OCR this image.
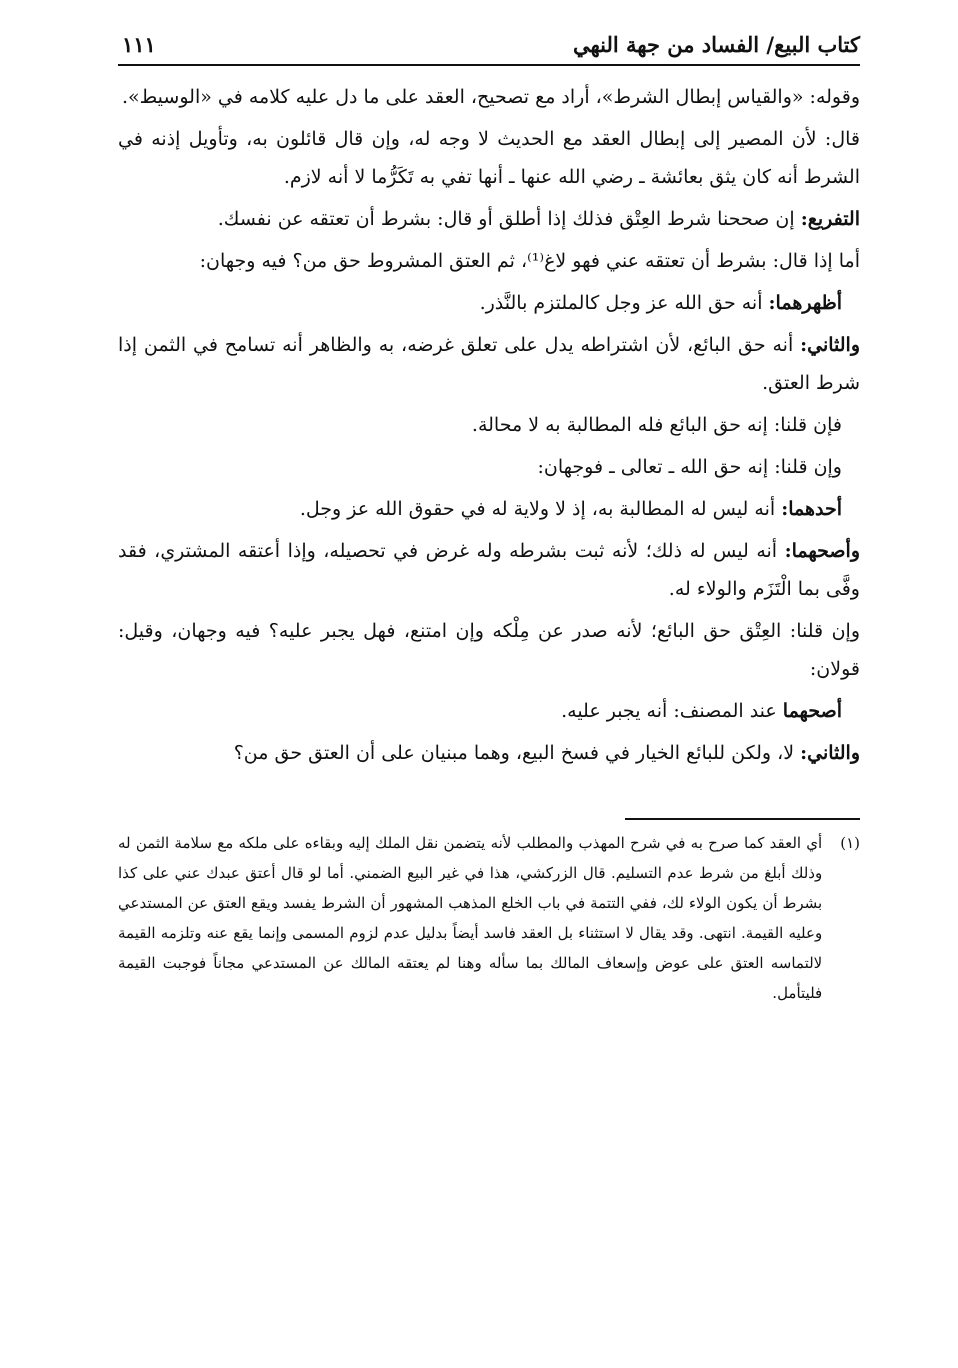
كتاب البيع/ الفساد من جهة النهي
١١١

وقوله: «والقياس إبطال الشرط»، أراد مع تصحيح، العقد على ما دل عليه كلامه في «الوسيط».

قال: لأن المصير إلى إبطال العقد مع الحديث لا وجه له، وإن قال قائلون به، وتأويل إذنه في الشرط أنه كان يثق بعائشة ـ رضي الله عنها ـ أنها تفي به تَكَرُّما لا أنه لازم.

التفريع: إن صححنا شرط العِتْق فذلك إذا أطلق أو قال: بشرط أن تعتقه عن نفسك.

أما إذا قال: بشرط أن تعتقه عني فهو لاغ⁽¹⁾، ثم العتق المشروط حق من؟ فيه وجهان:

أظهرهما: أنه حق الله عز وجل كالملتزم بالنَّذر.

والثاني: أنه حق البائع، لأن اشتراطه يدل على تعلق غرضه، به والظاهر أنه تسامح في الثمن إذا شرط العتق.

فإن قلنا: إنه حق البائع فله المطالبة به لا محالة.

وإن قلنا: إنه حق الله ـ تعالى ـ فوجهان:

أحدهما: أنه ليس له المطالبة به، إذ لا ولاية له في حقوق الله عز وجل.

وأصحهما: أنه ليس له ذلك؛ لأنه ثبت بشرطه وله غرض في تحصيله، وإذا أعتقه المشتري، فقد وفَّى بما الْتَزَم والولاء له.

وإن قلنا: العِتْق حق البائع؛ لأنه صدر عن مِلْكه وإن امتنع، فهل يجبر عليه؟ فيه وجهان، وقيل: قولان:

أصحهما عند المصنف: أنه يجبر عليه.

والثاني: لا، ولكن للبائع الخيار في فسخ البيع، وهما مبنيان على أن العتق حق من؟

(١)
أي العقد كما صرح به في شرح المهذب والمطلب لأنه يتضمن نقل الملك إليه وبقاءه على ملكه مع سلامة الثمن له وذلك أبلغ من شرط عدم التسليم. قال الزركشي، هذا في غير البيع الضمني. أما لو قال أعتق عبدك عني على كذا بشرط أن يكون الولاء لك، ففي التتمة في باب الخلع المذهب المشهور أن الشرط يفسد ويقع العتق عن المستدعي وعليه القيمة. انتهى. وقد يقال لا استثناء بل العقد فاسد أيضاً بدليل عدم لزوم المسمى وإنما يقع عنه وتلزمه القيمة لالتماسه العتق على عوض وإسعاف المالك بما سأله وهنا لم يعتقه المالك عن المستدعي مجاناً فوجبت القيمة فليتأمل.
